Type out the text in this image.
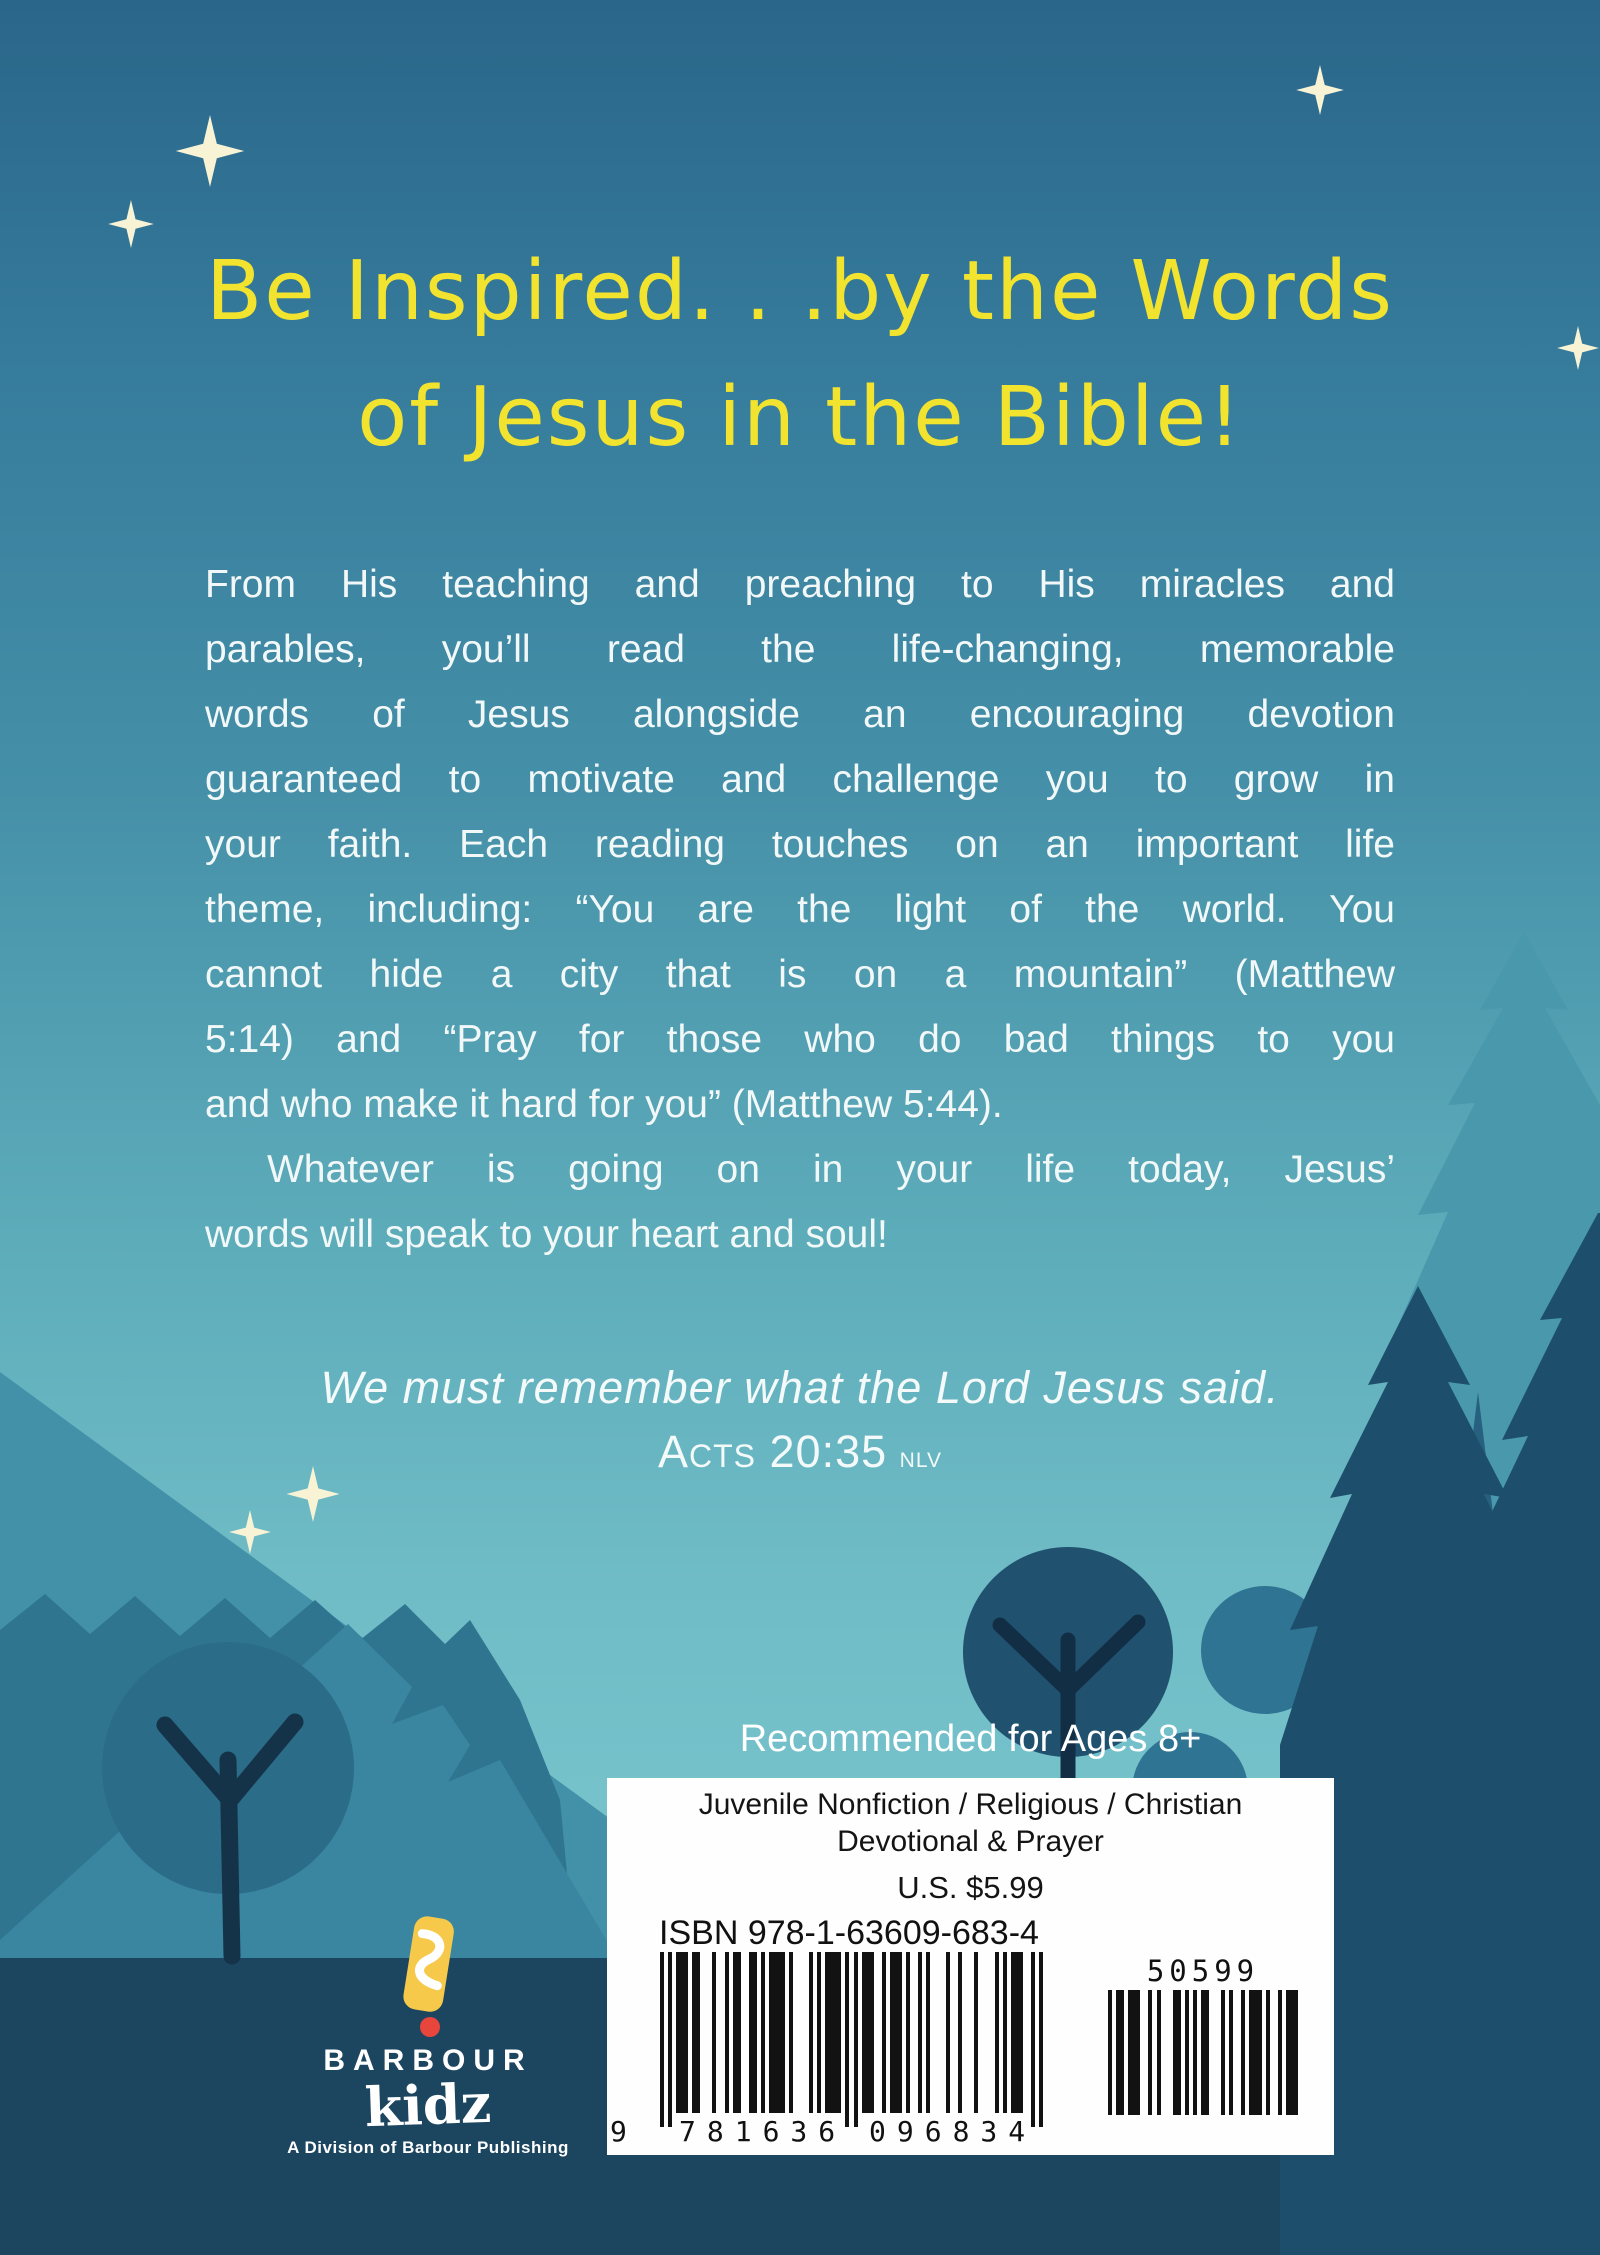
Be Inspired. . .by the Words
of Jesus in the Bible!
From His teaching and preaching to His miracles and
parables, you’ll read the life-changing, memorable
words of Jesus alongside an encouraging devotion
guaranteed to motivate and challenge you to grow in
your faith. Each reading touches on an important life
theme, including: “You are the light of the world. You
cannot hide a city that is on a mountain” (Matthew
5:14) and “Pray for those who do bad things to you
and who make it hard for you” (Matthew 5:44).
Whatever is going on in your life today, Jesus’
words will speak to your heart and soul!
We must remember what the Lord Jesus said.
Acts 20:35 nlv
Recommended for Ages 8+
Juvenile Nonfiction / Religious / Christian
Devotional & Prayer
U.S. $5.99
ISBN 978-1-63609-683-4
9 781636 096834
50599
BARBOUR
kidz
A Division of Barbour Publishing
